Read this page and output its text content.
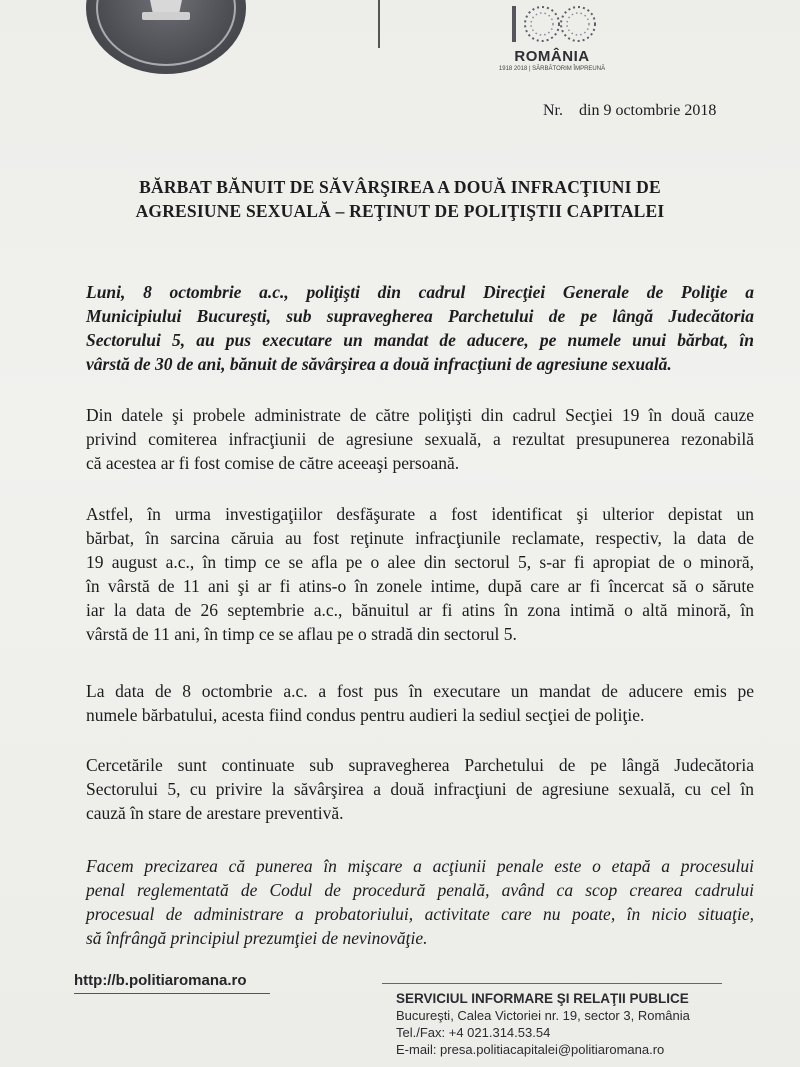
ROMÂNIA
1918 2018 | SĂRBĂTORIM ÎMPREUNĂ
Nr. din 9 octombrie 2018
BĂRBAT BĂNUIT DE SĂVÂRŞIREA A DOUĂ INFRACŢIUNI DE
AGRESIUNE SEXUALĂ – REŢINUT DE POLIŢIŞTII CAPITALEI
Luni, 8 octombrie a.c., poliţişti din cadrul Direcţiei Generale de Poliţie a
Municipiului Bucureşti, sub supravegherea Parchetului de pe lângă Judecătoria
Sectorului 5, au pus executare un mandat de aducere, pe numele unui bărbat, în
vârstă de 30 de ani, bănuit de săvârşirea a două infracţiuni de agresiune sexuală.
Din datele şi probele administrate de către poliţişti din cadrul Secţiei 19 în două cauze
privind comiterea infracţiunii de agresiune sexuală, a rezultat presupunerea rezonabilă
că acestea ar fi fost comise de către aceeaşi persoană.
Astfel, în urma investigaţiilor desfăşurate a fost identificat şi ulterior depistat un
bărbat, în sarcina căruia au fost reţinute infracţiunile reclamate, respectiv, la data de
19 august a.c., în timp ce se afla pe o alee din sectorul 5, s-ar fi apropiat de o minoră,
în vârstă de 11 ani şi ar fi atins-o în zonele intime, după care ar fi încercat să o sărute
iar la data de 26 septembrie a.c., bănuitul ar fi atins în zona intimă o altă minoră, în
vârstă de 11 ani, în timp ce se aflau pe o stradă din sectorul 5.
La data de 8 octombrie a.c. a fost pus în executare un mandat de aducere emis pe
numele bărbatului, acesta fiind condus pentru audieri la sediul secţiei de poliţie.
Cercetările sunt continuate sub supravegherea Parchetului de pe lângă Judecătoria
Sectorului 5, cu privire la săvârşirea a două infracţiuni de agresiune sexuală, cu cel în
cauză în stare de arestare preventivă.
Facem precizarea că punerea în mişcare a acţiunii penale este o etapă a procesului
penal reglementată de Codul de procedură penală, având ca scop crearea cadrului
procesual de administrare a probatoriului, activitate care nu poate, în nicio situaţie,
să înfrângă principiul prezumţiei de nevinovăţie.
http://b.politiaromana.ro
SERVICIUL INFORMARE ŞI RELAŢII PUBLICE
Bucureşti, Calea Victoriei nr. 19, sector 3, România
Tel./Fax: +4 021.314.53.54
E-mail: presa.politiacapitalei@politiaromana.ro
